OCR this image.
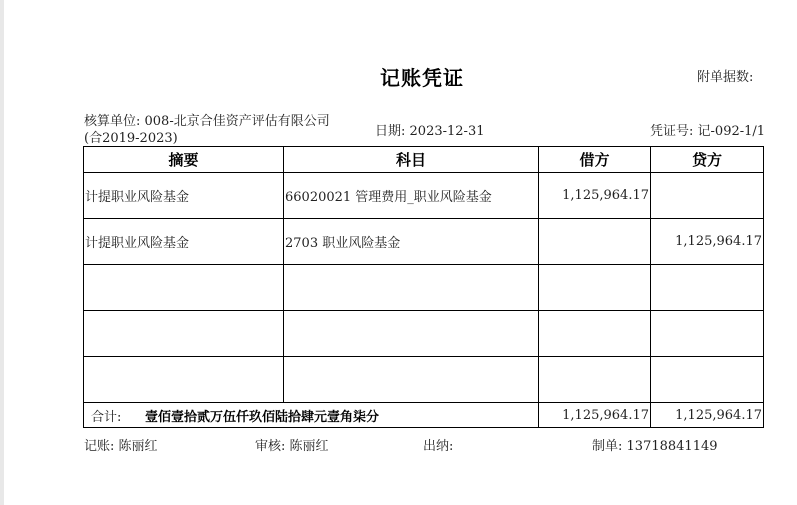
记账凭证	附单据数:
核算单位: 008-北京合佳资产评估有限公司
(合2019-2023)	日期: 2023-12-31	凭证号: 记-092-1/1
摘要	科目	借方	贷方
计提职业风险基金	66020021 管理费用_职业风险基金	1,125,964.17	
计提职业风险基金	2703 职业风险基金		1,125,964.17

合计: 壹佰壹拾贰万伍仟玖佰陆拾肆元壹角柒分		1,125,964.17	1,125,964.17
记账: 陈丽红	审核: 陈丽红	出纳:	制单: 13718841149
